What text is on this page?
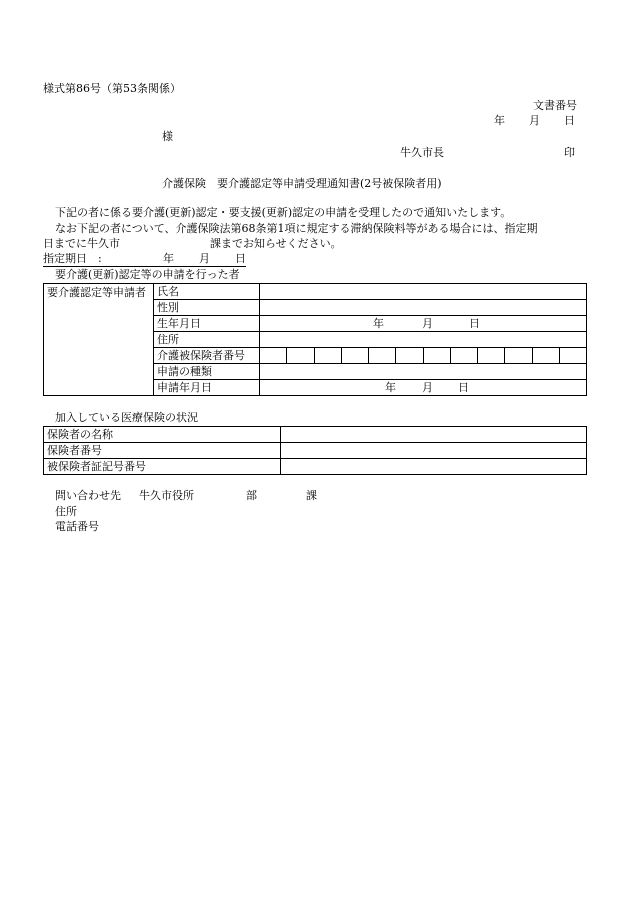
様式第86号（第53条関係）
文書番号
年 月 日
様
牛久市長	印
介護保険　要介護認定等申請受理通知書(2号被保険者用)
下記の者に係る要介護(更新)認定・要支援(更新)認定の申請を受理したので通知いたします。
なお下記の者について、介護保険法第68条第1項に規定する滞納保険料等がある場合には、指定期
日までに牛久市	課までお知らせください。
指定期日　:	年 月 日
要介護(更新)認定等の申請を行った者
要介護認定等申請者	氏名	
	性別	
	生年月日	年 月 日

	住所	
	介護被保険者番号	

	申請の種類	
	申請年月日	年 月 日
加入している医療保険の状況
保険者の名称	
保険者番号	
被保険者証記号番号	
問い合わせ先 牛久市役所	部	課
住所
電話番号
